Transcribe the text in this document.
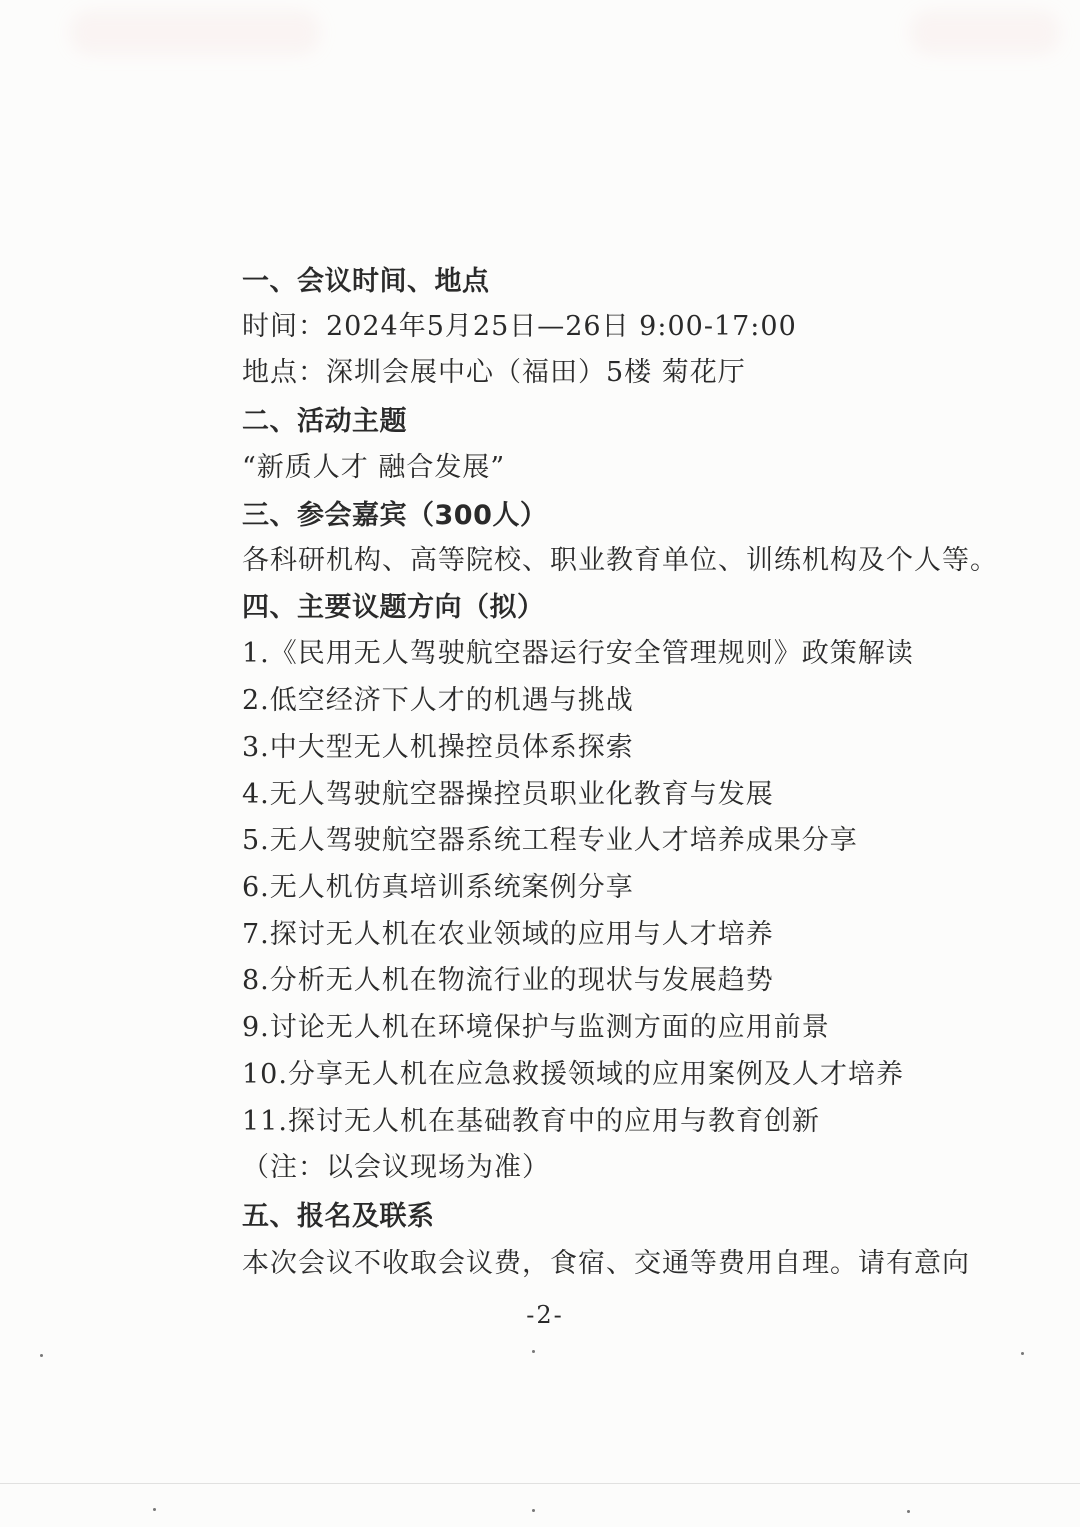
一、会议时间、地点
时间：2024年5月25日—26日 9:00-17:00
地点：深圳会展中心（福田）5楼 菊花厅
二、活动主题
“新质人才 融合发展”
三、参会嘉宾（300人）
各科研机构、高等院校、职业教育单位、训练机构及个人等。
四、主要议题方向（拟）
1.《民用无人驾驶航空器运行安全管理规则》政策解读
2.低空经济下人才的机遇与挑战
3.中大型无人机操控员体系探索
4.无人驾驶航空器操控员职业化教育与发展
5.无人驾驶航空器系统工程专业人才培养成果分享
6.无人机仿真培训系统案例分享
7.探讨无人机在农业领域的应用与人才培养
8.分析无人机在物流行业的现状与发展趋势
9.讨论无人机在环境保护与监测方面的应用前景
10.分享无人机在应急救援领域的应用案例及人才培养
11.探讨无人机在基础教育中的应用与教育创新
（注：以会议现场为准）
五、报名及联系
本次会议不收取会议费，食宿、交通等费用自理。请有意向
-2-
